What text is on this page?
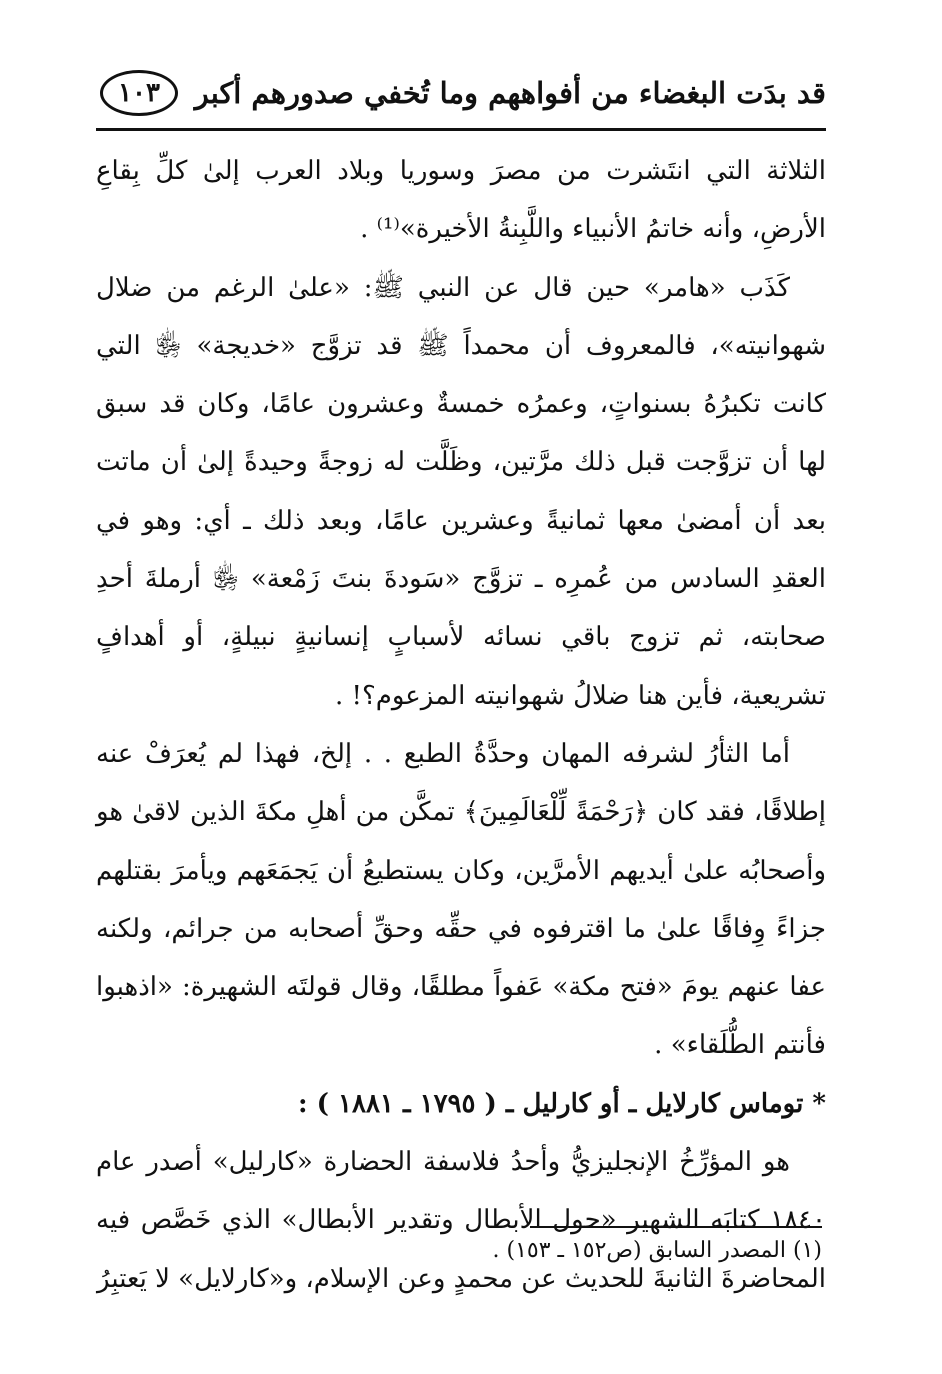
قد بدَت البغضاء من أفواههم وما تُخفي صدورهم أكبر
١٠٣

الثلاثة التي انتَشرت من مصرَ وسوريا وبلاد العرب إلىٰ كلِّ بِقاعِ الأرضِ، وأنه خاتمُ الأنبياء واللَّبِنةُ الأخيرة»⁽¹⁾ .

كَذَب «هامر» حين قال عن النبي ﷺ: «علىٰ الرغم من ضلال شهوانيته»، فالمعروف أن محمداً ﷺ قد تزوَّج «خديجة» ﵂ التي كانت تكبرُهُ بسنواتٍ، وعمرُه خمسةٌ وعشرون عامًا، وكان قد سبق لها أن تزوَّجت قبل ذلك مرَّتين، وظَلَّت له زوجةً وحيدةً إلىٰ أن ماتت بعد أن أمضىٰ معها ثمانيةً وعشرين عامًا، وبعد ذلك ـ أي: وهو في العقدِ السادس من عُمرِه ـ تزوَّج «سَودةَ بنتَ زَمْعة» ﵂ أرملةَ أحدِ صحابته، ثم تزوج باقي نسائه لأسبابٍ إنسانيةٍ نبيلةٍ، أو أهدافٍ تشريعية، فأين هنا ضلالُ شهوانيته المزعوم؟! .

أما الثأرُ لشرفه المهان وحدَّةُ الطبع . . إلخ، فهذا لم يُعرَفْ عنه إطلاقًا، فقد كان ﴿رَحْمَةً لِّلْعَالَمِينَ﴾ تمكَّن من أهلِ مكةَ الذين لاقىٰ هو وأصحابُه علىٰ أيديهم الأمرَّين، وكان يستطيعُ أن يَجمَعَهم ويأمرَ بقتلهم جزاءً وِفاقًا علىٰ ما اقترفوه في حقِّه وحقِّ أصحابه من جرائم، ولكنه عفا عنهم يومَ «فتح مكة» عَفواً مطلقًا، وقال قولتَه الشهيرة: «اذهبوا فأنتم الطُّلَقاء» .

* توماس كارلايل ـ أو كارليل ـ ( ١٧٩٥ ـ ١٨٨١ ) :

هو المؤرِّخُ الإنجليزيُّ وأحدُ فلاسفة الحضارة «كارليل» أصدر عام ١٨٤٠ كتابَه الشهير «حول الأبطال وتقدير الأبطال» الذي خَصَّص فيه المحاضرةَ الثانيةَ للحديث عن محمدٍ وعن الإسلام، و«كارلايل» لا يَعتبِرُ

(١) المصدر السابق (ص١٥٢ ـ ١٥٣) .
